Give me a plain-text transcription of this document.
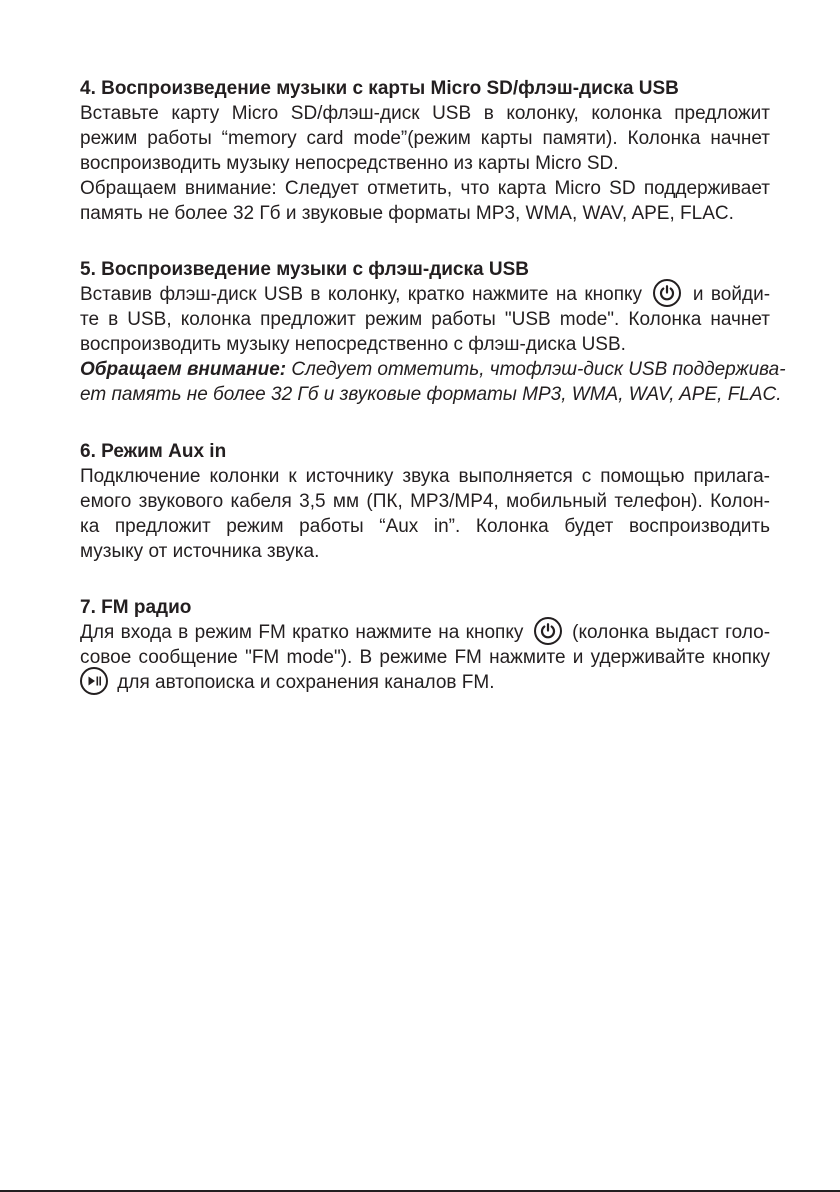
4. Воспроизведение музыки с карты Micro SD/флэш-диска USB
Вставьте карту Micro SD/флэш-диск USB в колонку, колонка предложит
режим работы “memory card mode”(режим карты памяти). Колонка начнет
воспроизводить музыку непосредственно из карты Micro SD.
Обращаем внимание: Следует отметить, что карта Micro SD поддерживает
память не более 32 Гб и звуковые форматы MP3, WMA, WAV, APE, FLAC.
5. Воспроизведение музыки с флэш-диска USB
Вставив флэш-диск USB в колонку, кратко нажмите на кнопку	и войди-
те в USB, колонка предложит режим работы "USB mode". Колонка начнет
воспроизводить музыку непосредственно с флэш-диска USB.
Обращаем внимание: Следует отметить, чтофлэш-диск USB поддержива-
ет память не более 32 Гб и звуковые форматы MP3, WMA, WAV, APE, FLAC.
6. Режим Aux in
Подключение колонки к источнику звука выполняется с помощью прилага-
емого звукового кабеля 3,5 мм (ПК, MP3/MP4, мобильный телефон). Колон-
ка предложит режим работы “Aux in”. Колонка будет воспроизводить
музыку от источника звука.
7. FM радио
Для входа в режим FM кратко нажмите на кнопку	(колонка выдаст голо-
совое сообщение "FM mode"). В режиме FM нажмите и удерживайте кнопку
для автопоиска и сохранения каналов FM.
